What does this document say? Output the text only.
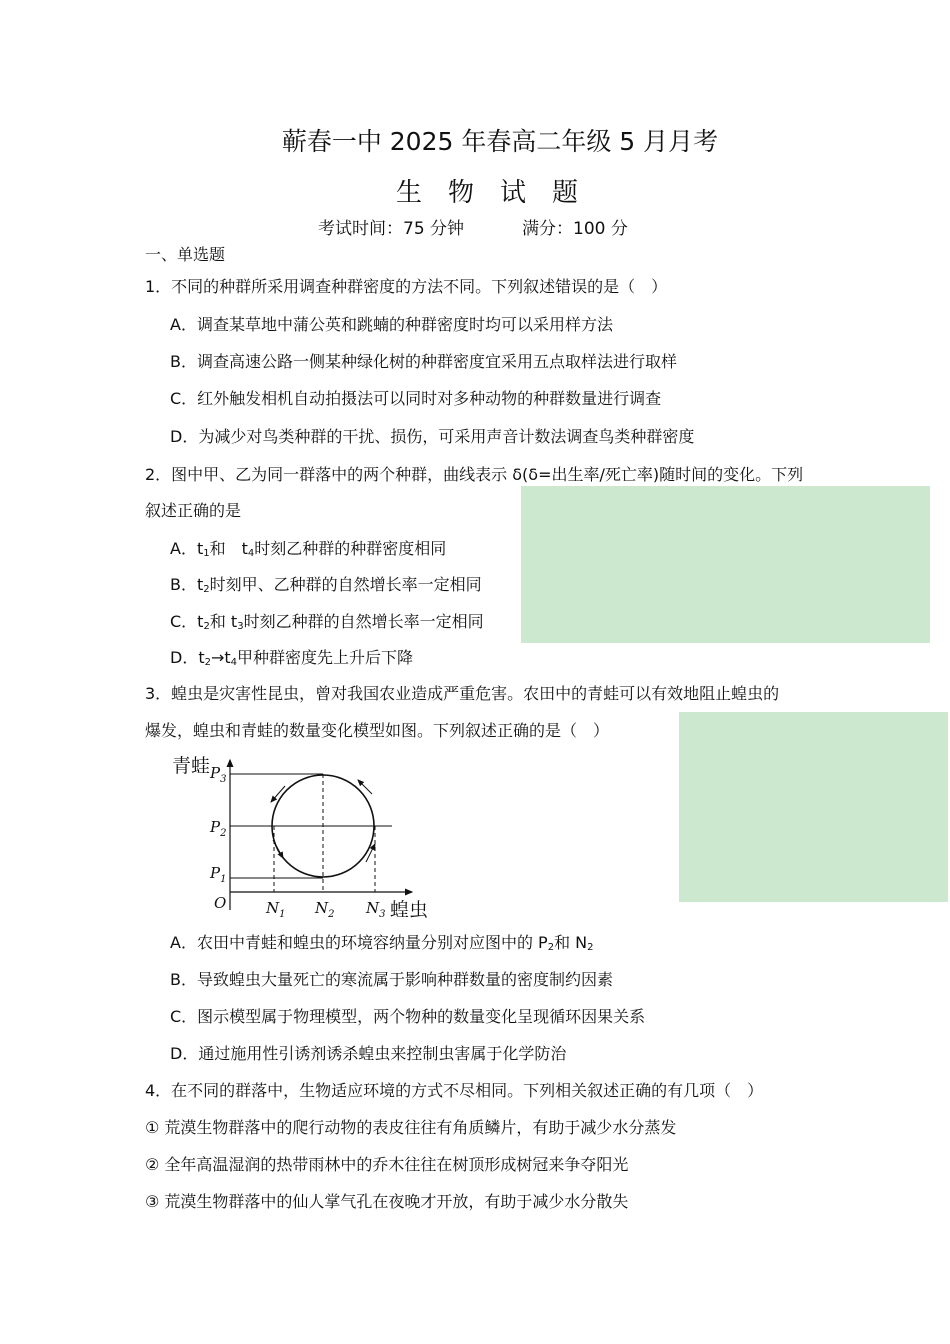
蕲春一中 2025 年春高二年级 5 月月考
生物试题
考试时间：75 分钟	满分：100 分
一、单选题
1．不同的种群所采用调查种群密度的方法不同。下列叙述错误的是（　）
A．调查某草地中蒲公英和跳蝻的种群密度时均可以采用样方法
B．调查高速公路一侧某种绿化树的种群密度宜采用五点取样法进行取样
C．红外触发相机自动拍摄法可以同时对多种动物的种群数量进行调查
D．为减少对鸟类种群的干扰、损伤，可采用声音计数法调查鸟类种群密度
2．图中甲、乙为同一群落中的两个种群，曲线表示 δ(δ=出生率/死亡率)随时间的变化。下列
叙述正确的是
A．$t_1$和　$t_4$时刻乙种群的种群密度相同
B．$t_2$时刻甲、乙种群的自然增长率一定相同
C．$t_2$和 $t_3$时刻乙种群的自然增长率一定相同
D．$t_2\to t_4$甲种群密度先上升后下降
3．蝗虫是灾害性昆虫，曾对我国农业造成严重危害。农田中的青蛙可以有效地阻止蝗虫的
爆发，蝗虫和青蛙的数量变化模型如图。下列叙述正确的是（　）
青蛙
蝗虫
O
$P_3$
$P_2$
$P_1$
$N_1$ $N_2$ $N_3$
A．农田中青蛙和蝗虫的环境容纳量分别对应图中的 $P_2$和 $N_2$
B．导致蝗虫大量死亡的寒流属于影响种群数量的密度制约因素
C．图示模型属于物理模型，两个物种的数量变化呈现循环因果关系
D．通过施用性引诱剂诱杀蝗虫来控制虫害属于化学防治
4．在不同的群落中，生物适应环境的方式不尽相同。下列相关叙述正确的有几项（　）
① 荒漠生物群落中的爬行动物的表皮往往有角质鳞片，有助于减少水分蒸发
② 全年高温湿润的热带雨林中的乔木往往在树顶形成树冠来争夺阳光
③ 荒漠生物群落中的仙人掌气孔在夜晚才开放，有助于减少水分散失
